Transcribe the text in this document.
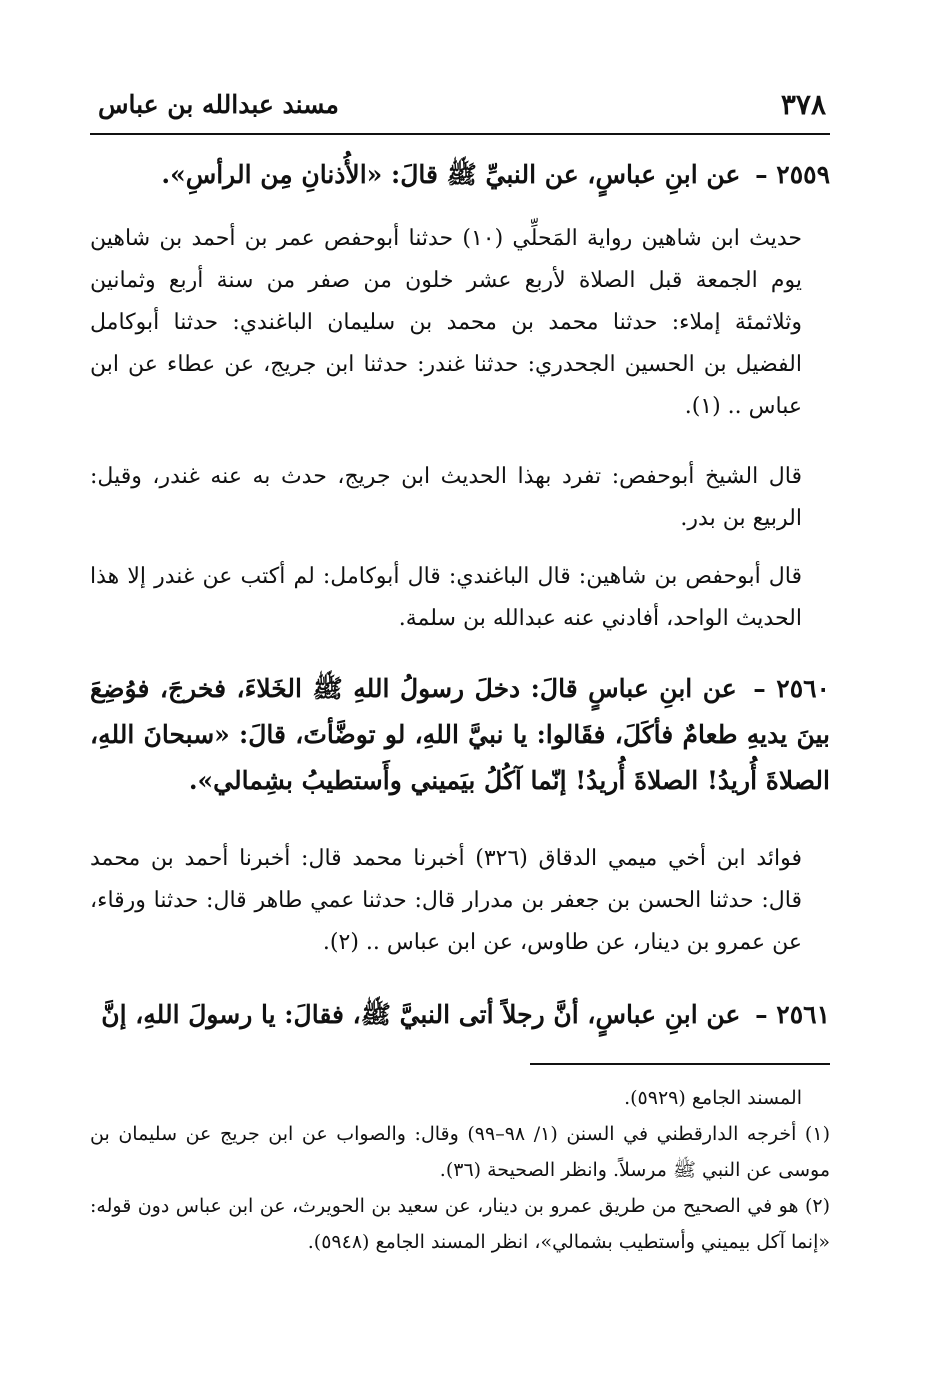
٣٧٨
مسند عبدالله بن عباس
٢٥٥٩ – عن ابنِ عباسٍ، عن النبيِّ ﷺ قالَ: «الأُذنانِ مِن الرأسِ».
حديث ابن شاهين رواية المَحلِّي (١٠) حدثنا أبوحفص عمر بن أحمد بن شاهين يوم الجمعة قبل الصلاة لأربع عشر خلون من صفر من سنة أربع وثمانين وثلاثمئة إملاء: حدثنا محمد بن محمد بن سليمان الباغندي: حدثنا أبوكامل الفضيل بن الحسين الجحدري: حدثنا غندر: حدثنا ابن جريج، عن عطاء عن ابن عباس .. (١).
قال الشيخ أبوحفص: تفرد بهذا الحديث ابن جريج، حدث به عنه غندر، وقيل: الربيع بن بدر.
قال أبوحفص بن شاهين: قال الباغندي: قال أبوكامل: لم أكتب عن غندر إلا هذا الحديث الواحد، أفادني عنه عبدالله بن سلمة.
٢٥٦٠ – عن ابنِ عباسٍ قالَ: دخلَ رسولُ اللهِ ﷺ الخَلاءَ، فخرجَ، فوُضِعَ بينَ يديهِ طعامٌ فأكَلَ، فقَالوا: يا نبيَّ اللهِ، لو توضَّأتَ، قالَ: «سبحانَ اللهِ، الصلاةَ أُريدُ! الصلاةَ أُريدُ! إنّما آكُلُ بيَميني وأَستطيبُ بشِمالي».
فوائد ابن أخي ميمي الدقاق (٣٢٦) أخبرنا محمد قال: أخبرنا أحمد بن محمد قال: حدثنا الحسن بن جعفر بن مدرار قال: حدثنا عمي طاهر قال: حدثنا ورقاء، عن عمرو بن دينار، عن طاوس، عن ابن عباس .. (٢).
٢٥٦١ – عن ابنِ عباسٍ، أنَّ رجلاً أتى النبيَّ ﷺ، فقالَ: يا رسولَ اللهِ، إنَّ

المسند الجامع (٥٩٢٩).

(١) أخرجه الدارقطني في السنن (١/ ٩٨–٩٩) وقال: والصواب عن ابن جريج عن سليمان بن موسى عن النبي ﷺ مرسلاً. وانظر الصحيحة (٣٦).

(٢) هو في الصحيح من طريق عمرو بن دينار، عن سعيد بن الحويرث، عن ابن عباس دون قوله: «إنما آكل بيميني وأستطيب بشمالي»، انظر المسند الجامع (٥٩٤٨).
